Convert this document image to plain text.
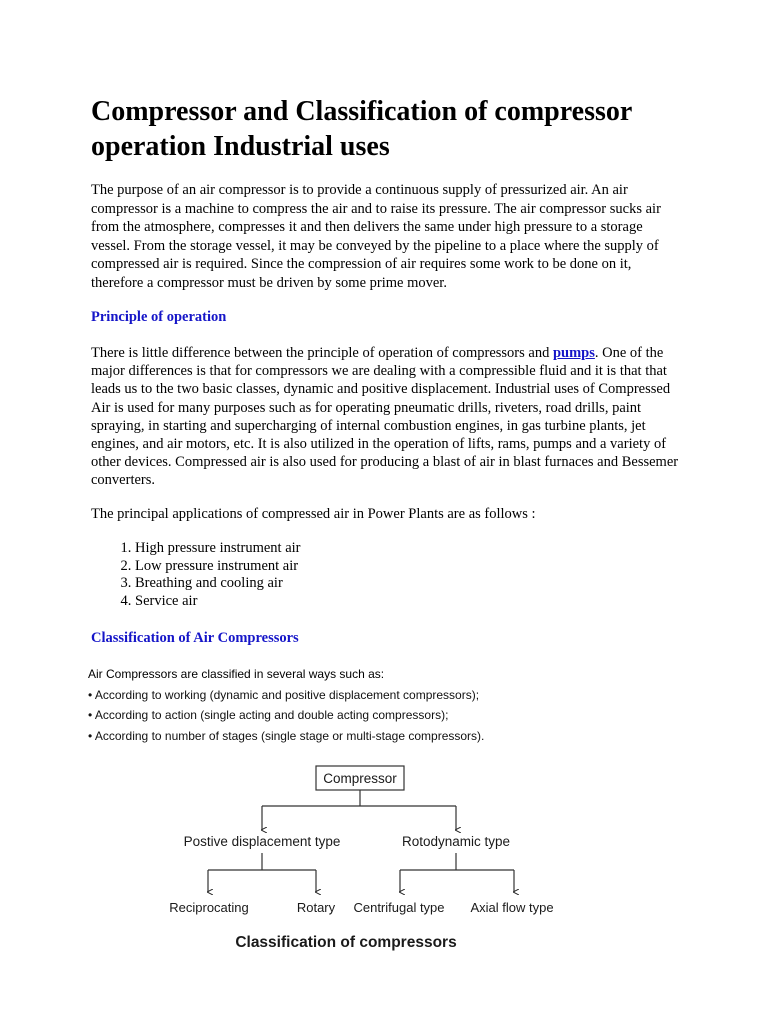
Compressor and Classification of compressor operation Industrial uses

The purpose of an air compressor is to provide a continuous supply of pressurized air. An air compressor is a machine to compress the air and to raise its pressure. The air compressor sucks air from the atmosphere, compresses it and then delivers the same under high pressure to a storage vessel. From the storage vessel, it may be conveyed by the pipeline to a place where the supply of compressed air is required. Since the compression of air requires some work to be done on it, therefore a compressor must be driven by some prime mover.

Principle of operation

There is little difference between the principle of operation of compressors and pumps. One of the major differences is that for compressors we are dealing with a compressible fluid and it is that that leads us to the two basic classes, dynamic and positive displacement. Industrial uses of Compressed Air is used for many purposes such as for operating pneumatic drills, riveters, road drills, paint spraying, in starting and supercharging of internal combustion engines, in gas turbine plants, jet engines, and air motors, etc. It is also utilized in the operation of lifts, rams, pumps and a variety of other devices. Compressed air is also used for producing a blast of air in blast furnaces and Bessemer converters.

The principal applications of compressed air in Power Plants are as follows :

1. High pressure instrument air
2. Low pressure instrument air
3. Breathing and cooling air
4. Service air
Classification of Air Compressors
Air Compressors are classified in several ways such as:
• According to working (dynamic and positive displacement compressors);
• According to action (single acting and double acting compressors);
• According to number of stages (single stage or multi-stage compressors).
Compressor
Postive displacement type	Rotodynamic type
Reciprocating	Rotary Centrifugal type Axial flow type
Classification of compressors
